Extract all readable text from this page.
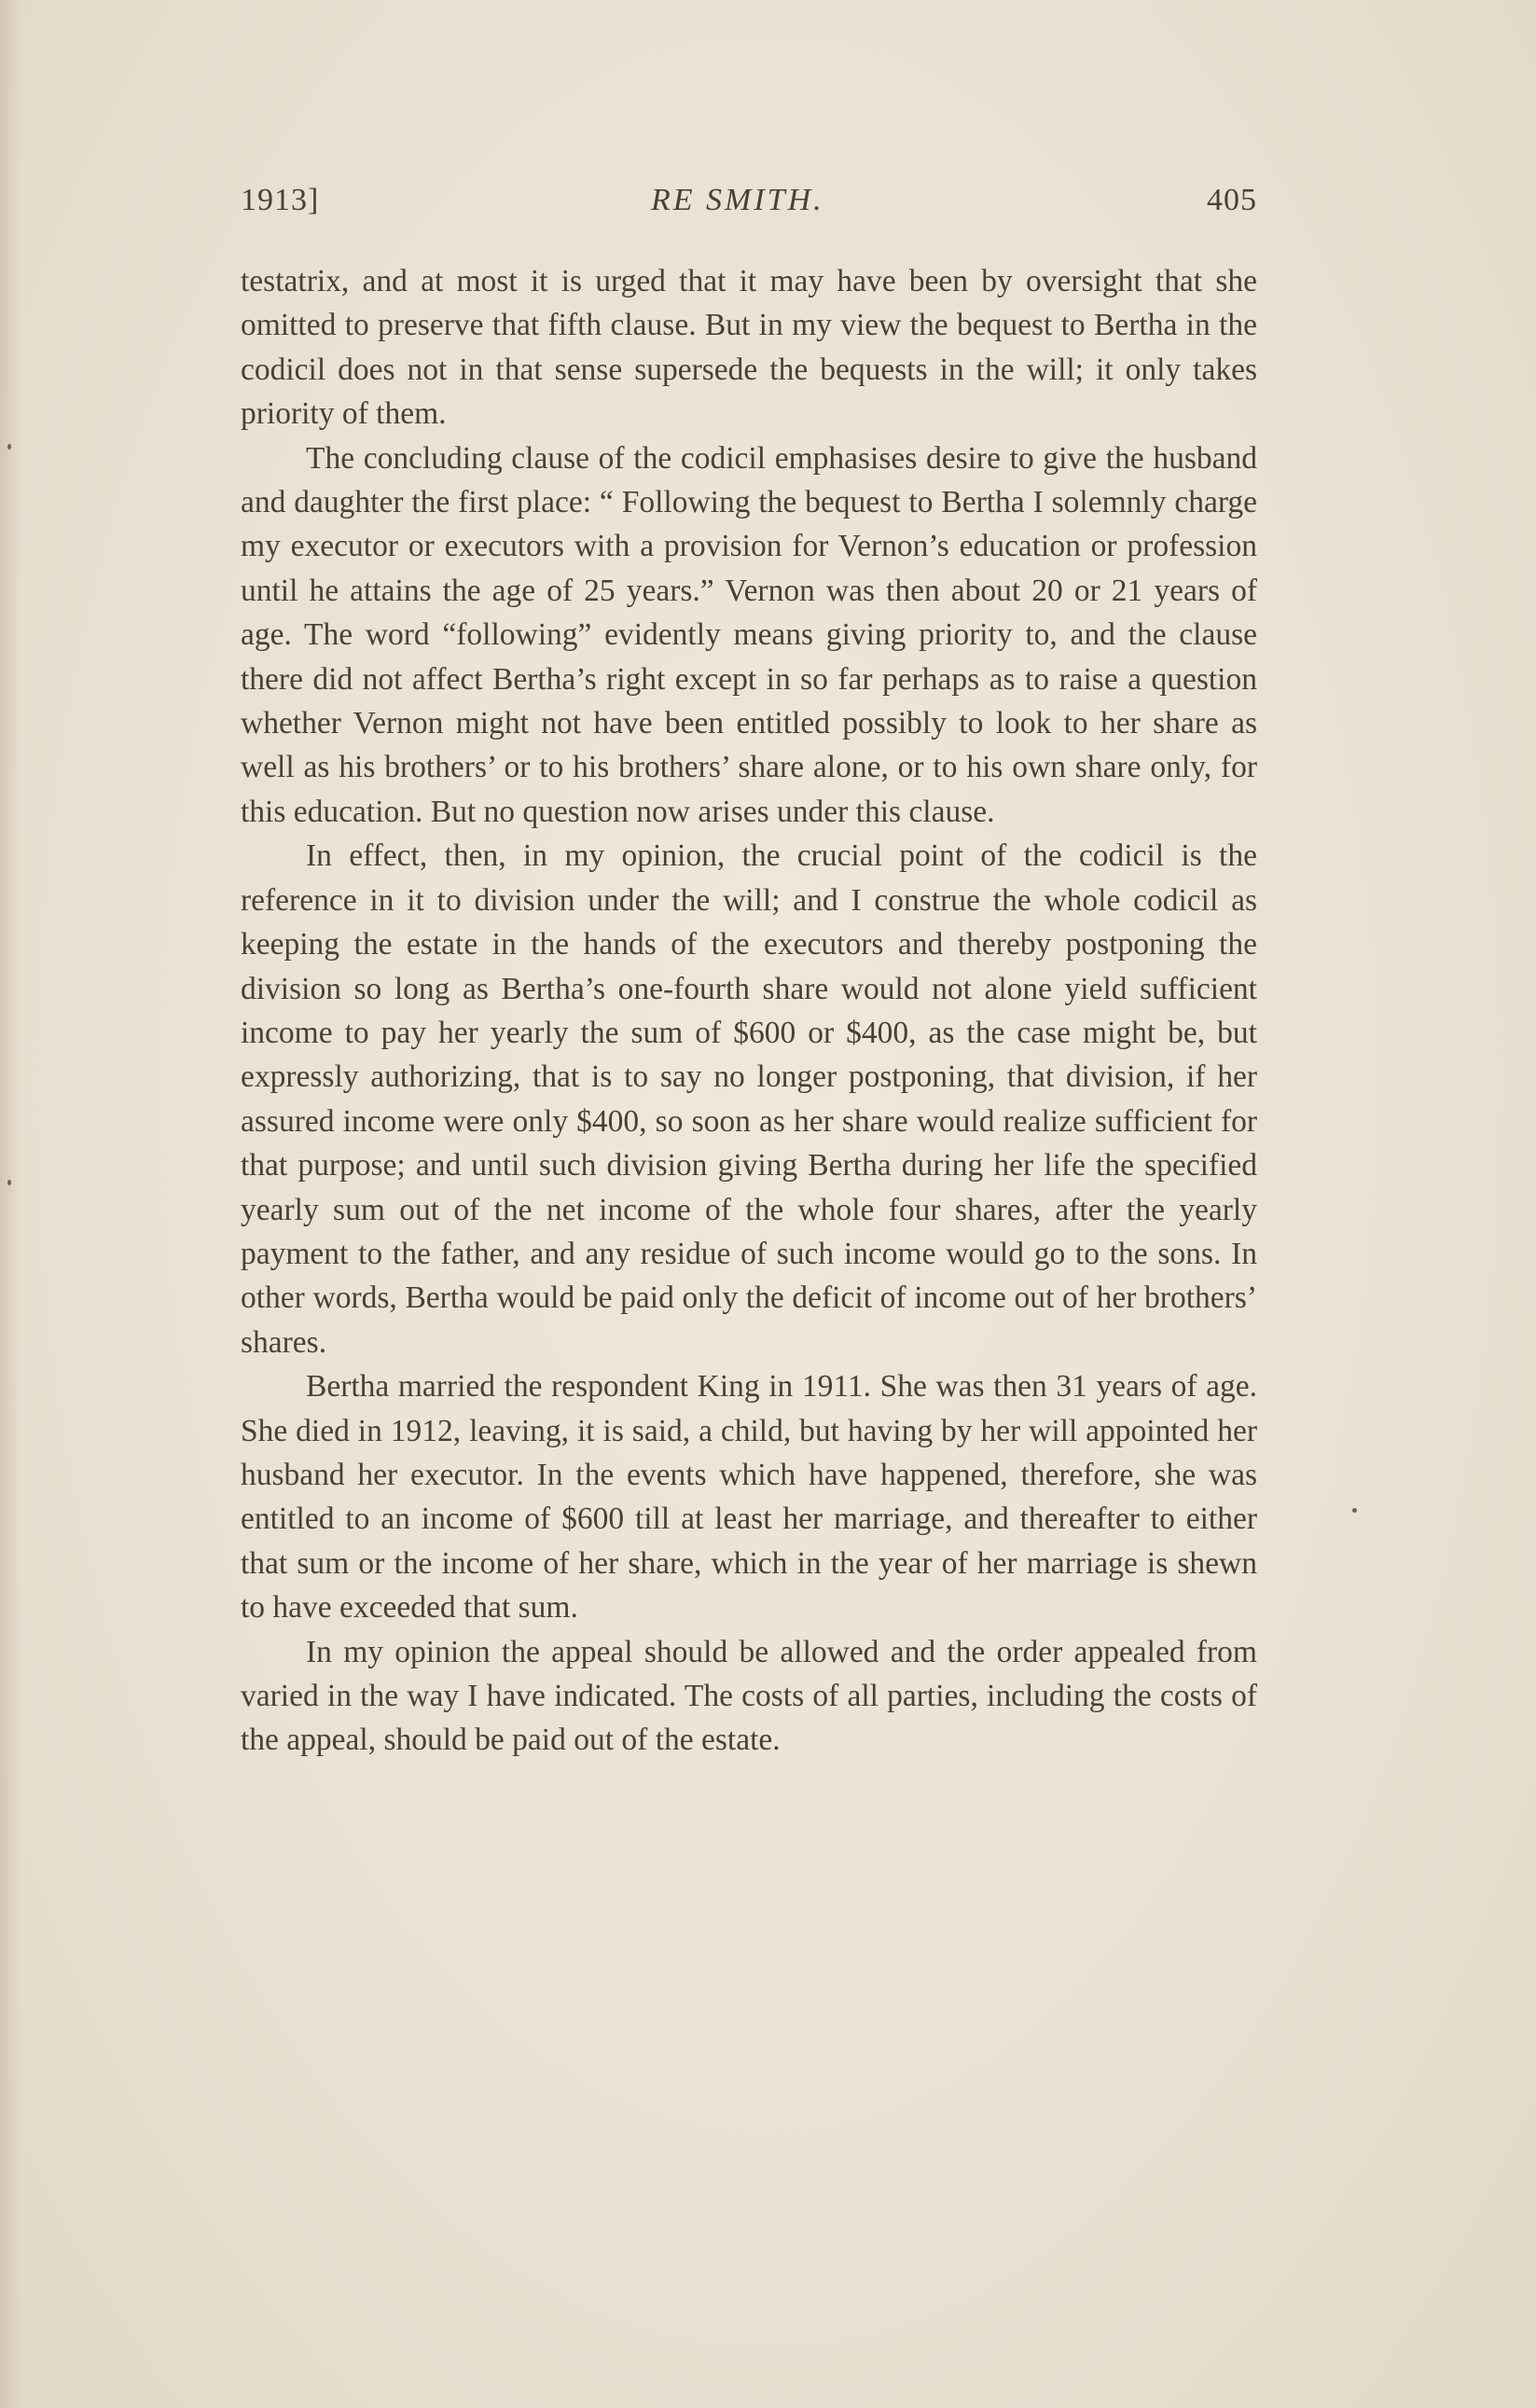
1913]	RE SMITH.	405

testatrix, and at most it is urged that it may have been by oversight that she omitted to preserve that fifth clause. But in my view the bequest to Bertha in the codicil does not in that sense supersede the bequests in the will; it only takes priority of them.

The concluding clause of the codicil emphasises desire to give the husband and daughter the first place: “ Following the bequest to Bertha I solemnly charge my executor or executors with a provision for Vernon’s education or profession until he attains the age of 25 years.” Vernon was then about 20 or 21 years of age. The word “following” evidently means giving priority to, and the clause there did not affect Bertha’s right except in so far perhaps as to raise a question whether Vernon might not have been entitled possibly to look to her share as well as his brothers’ or to his brothers’ share alone, or to his own share only, for this education. But no question now arises under this clause.

In effect, then, in my opinion, the crucial point of the codicil is the reference in it to division under the will; and I construe the whole codicil as keeping the estate in the hands of the executors and thereby postponing the division so long as Bertha’s one-fourth share would not alone yield sufficient income to pay her yearly the sum of $600 or $400, as the case might be, but expressly authorizing, that is to say no longer postponing, that division, if her assured income were only $400, so soon as her share would realize sufficient for that purpose; and until such division giving Bertha during her life the specified yearly sum out of the net income of the whole four shares, after the yearly payment to the father, and any residue of such income would go to the sons. In other words, Bertha would be paid only the deficit of income out of her brothers’ shares.

Bertha married the respondent King in 1911. She was then 31 years of age. She died in 1912, leaving, it is said, a child, but having by her will appointed her husband her executor. In the events which have happened, therefore, she was entitled to an income of $600 till at least her marriage, and thereafter to either that sum or the income of her share, which in the year of her marriage is shewn to have exceeded that sum.

In my opinion the appeal should be allowed and the order appealed from varied in the way I have indicated. The costs of all parties, including the costs of the appeal, should be paid out of the estate.
